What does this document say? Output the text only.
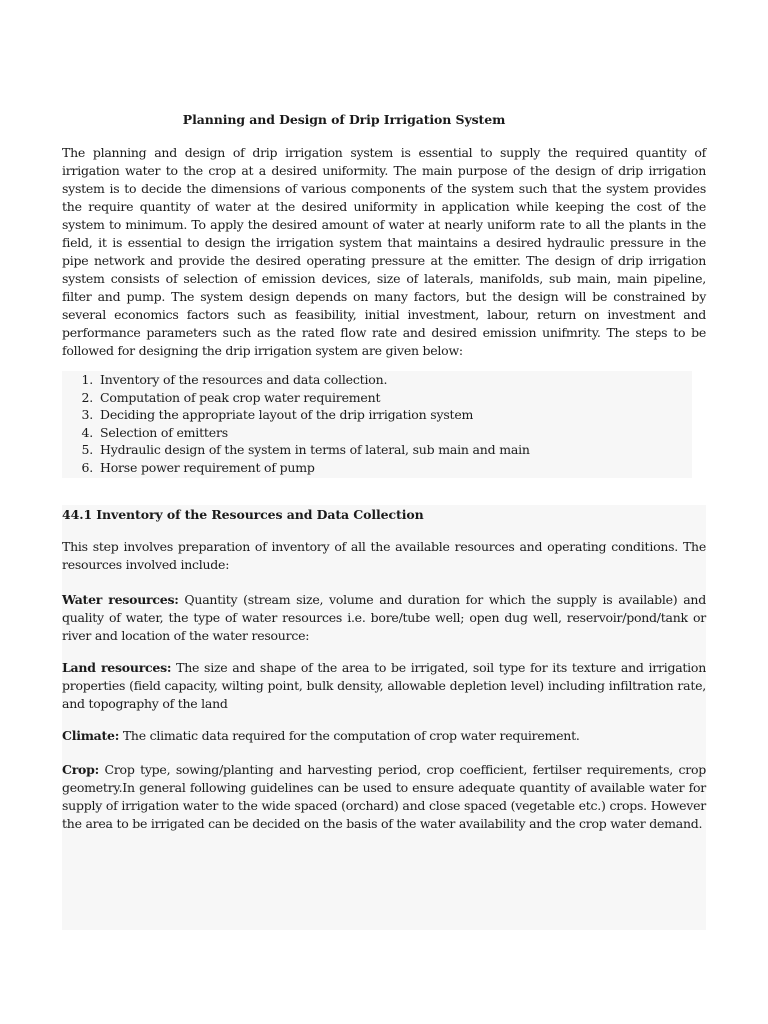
Planning and Design of Drip Irrigation System

The planning and design of drip irrigation system is essential to supply the required quantity of irrigation water to the crop at a desired uniformity. The main purpose of the design of drip irrigation system is to decide the dimensions of various components of the system such that the system provides the require quantity of water at the desired uniformity in application while keeping the cost of the system to minimum. To apply the desired amount of water at nearly uniform rate to all the plants in the field, it is essential to design the irrigation system that maintains a desired hydraulic pressure in the pipe network and provide the desired operating pressure at the emitter. The design of drip irrigation system consists of selection of emission devices, size of laterals, manifolds, sub main, main pipeline, filter and pump. The system design depends on many factors, but the design will be constrained by several economics factors such as feasibility, initial investment, labour, return on investment and performance parameters such as the rated flow rate and desired emission unifmrity. The steps to be followed for designing the drip irrigation system are given below:

1. Inventory of the resources and data collection.
2. Computation of peak crop water requirement
3. Deciding the appropriate layout of the drip irrigation system
4. Selection of emitters
5. Hydraulic design of the system in terms of lateral, sub main and main
6. Horse power requirement of pump
44.1 Inventory of the Resources and Data Collection

This step involves preparation of inventory of all the available resources and operating conditions. The resources involved include:

Water resources: Quantity (stream size, volume and duration for which the supply is available) and quality of water, the type of water resources i.e. bore/tube well; open dug well, reservoir/pond/tank or river and location of the water resource:

Land resources: The size and shape of the area to be irrigated, soil type for its texture and irrigation properties (field capacity, wilting point, bulk density, allowable depletion level) including infiltration rate, and topography of the land

Climate: The climatic data required for the computation of crop water requirement.

Crop: Crop type, sowing/planting and harvesting period, crop coefficient, fertilser requirements, crop geometry.In general following guidelines can be used to ensure adequate quantity of available water for supply of irrigation water to the wide spaced (orchard) and close spaced (vegetable etc.) crops. However the area to be irrigated can be decided on the basis of the water availability and the crop water demand.
